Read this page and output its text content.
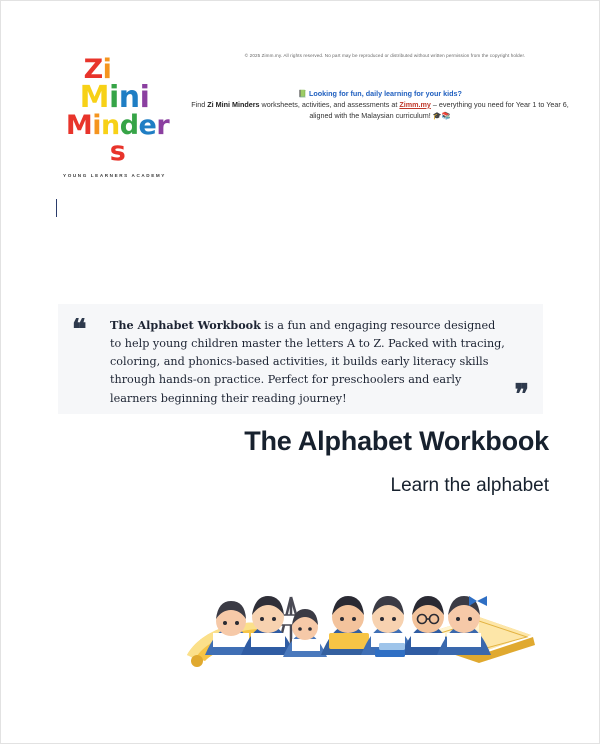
Zi
Mini
Minders
YOUNG LEARNERS ACADEMY
© 2025 Zimm.my. All rights reserved. No part may be reproduced or distributed without written permission from the copyright holder.
📗 Looking for fun, daily learning for your kids?
Find Zi Mini Minders worksheets, activities, and assessments at Zimm.my – everything you need for Year 1 to Year 6, aligned with the Malaysian curriculum! 🎓📚
❝
❞
The Alphabet Workbook is a fun and engaging resource designed to help young children master the letters A to Z. Packed with tracing, coloring, and phonics-based activities, it builds early literacy skills through hands-on practice. Perfect for preschoolers and early learners beginning their reading journey!
The Alphabet Workbook
Learn the alphabet
